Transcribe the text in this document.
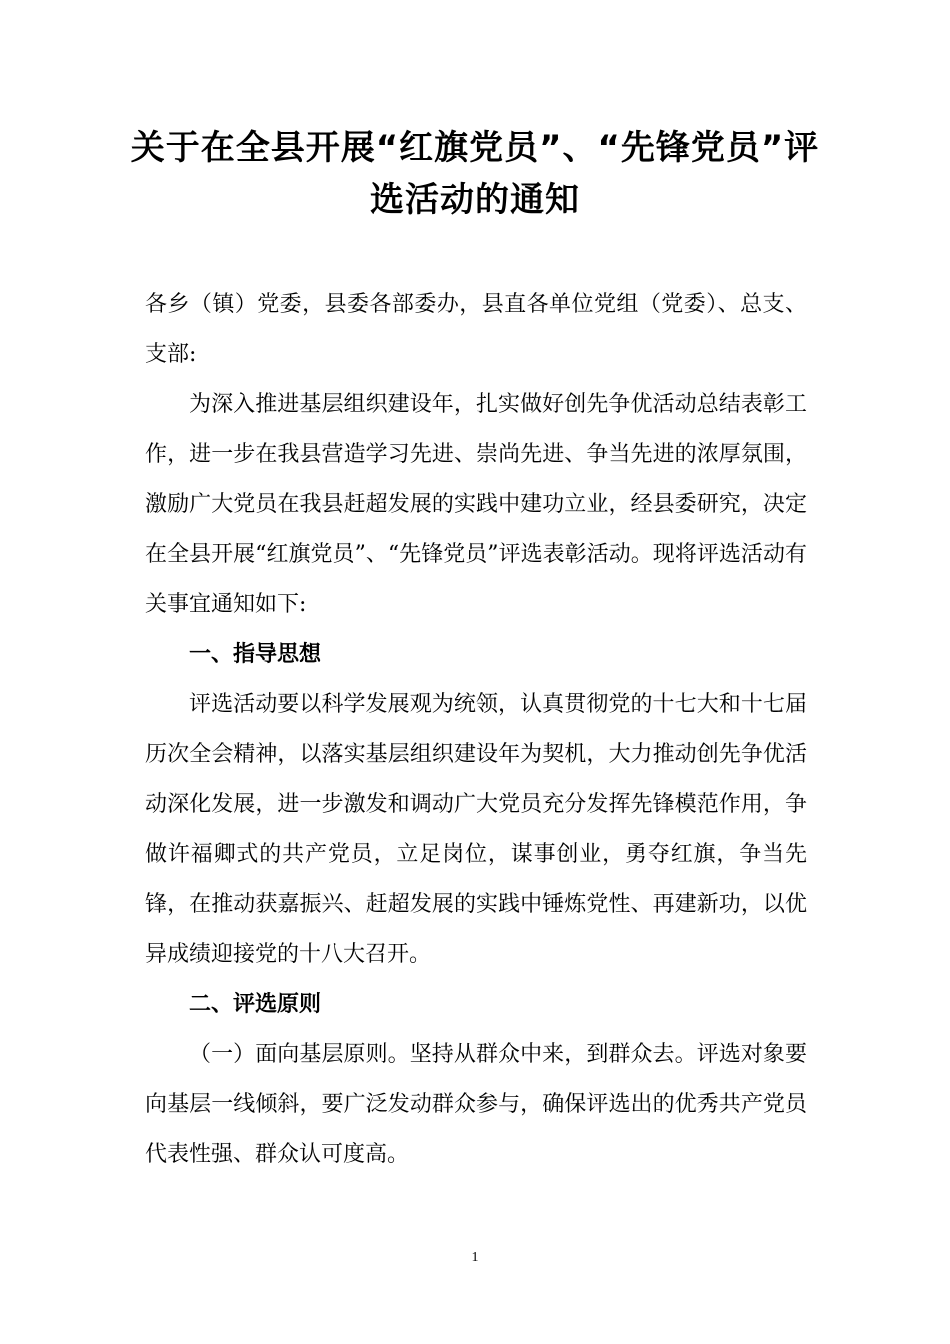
关于在全县开展“红旗党员”、“先锋党员”评选活动的通知

各乡（镇）党委，县委各部委办，县直各单位党组（党委）、总支、支部:

为深入推进基层组织建设年，扎实做好创先争优活动总结表彰工作，进一步在我县营造学习先进、崇尚先进、争当先进的浓厚氛围，激励广大党员在我县赶超发展的实践中建功立业，经县委研究，决定在全县开展“红旗党员”、“先锋党员”评选表彰活动。现将评选活动有关事宜通知如下:

一、指导思想

评选活动要以科学发展观为统领，认真贯彻党的十七大和十七届历次全会精神，以落实基层组织建设年为契机，大力推动创先争优活动深化发展，进一步激发和调动广大党员充分发挥先锋模范作用，争做许福卿式的共产党员，立足岗位，谋事创业，勇夺红旗，争当先锋，在推动获嘉振兴、赶超发展的实践中锤炼党性、再建新功，以优异成绩迎接党的十八大召开。

二、评选原则

（一）面向基层原则。坚持从群众中来，到群众去。评选对象要向基层一线倾斜，要广泛发动群众参与，确保评选出的优秀共产党员代表性强、群众认可度高。

1
